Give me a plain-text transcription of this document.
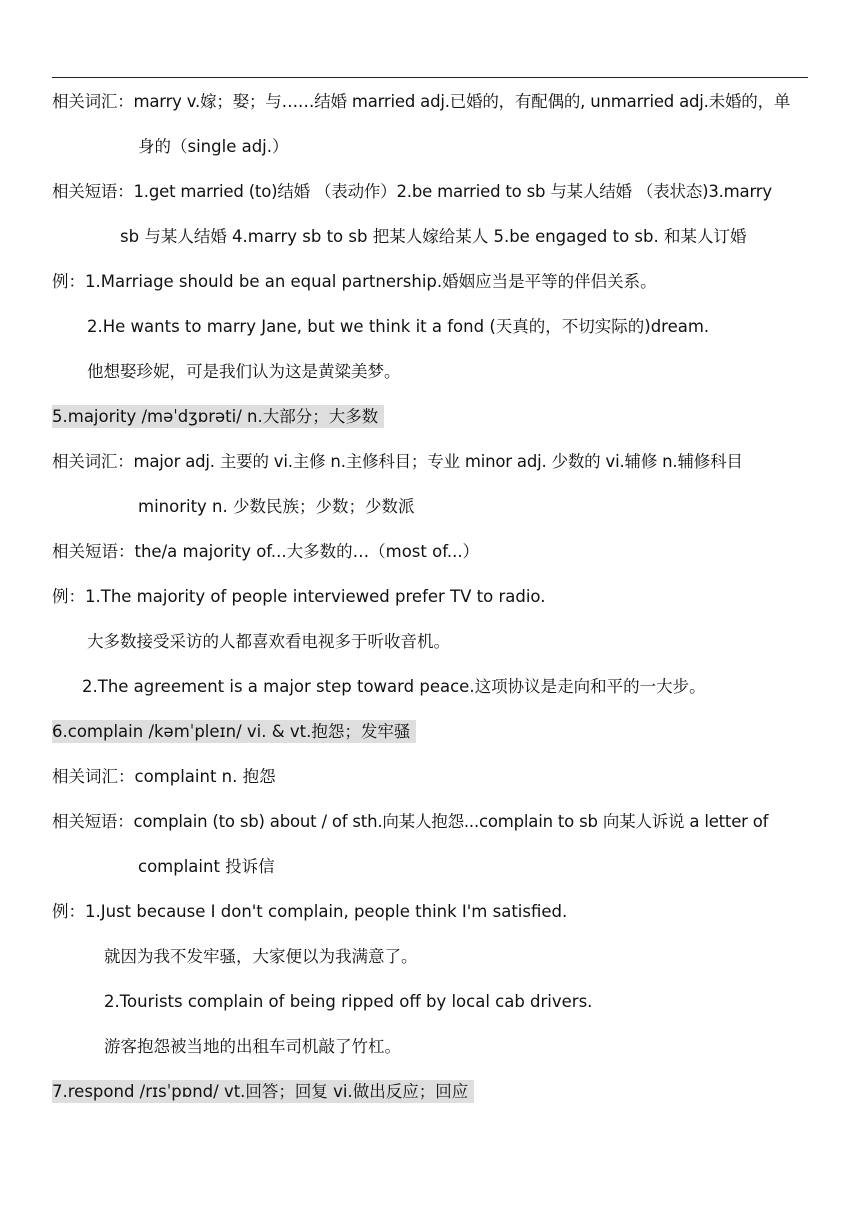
相关词汇：marry v.嫁；娶；与……结婚 married adj.已婚的，有配偶的, unmarried adj.未婚的，单
身的（single adj.）
相关短语：1.get married (to)结婚 （表动作）2.be married to sb 与某人结婚 （表状态)3.marry
sb 与某人结婚 4.marry sb to sb 把某人嫁给某人 5.be engaged to sb. 和某人订婚
例：1.Marriage should be an equal partnership.婚姻应当是平等的伴侣关系。
2.He wants to marry Jane, but we think it a fond (天真的，不切实际的)dream.
他想娶珍妮，可是我们认为这是黄粱美梦。
5.majority /məˈdʒɒrəti/ n.大部分；大多数
相关词汇：major adj. 主要的 vi.主修 n.主修科目；专业 minor adj. 少数的 vi.辅修 n.辅修科目
minority n. 少数民族；少数；少数派
相关短语：the/a majority of...大多数的…（most of...）
例：1.The majority of people interviewed prefer TV to radio.
大多数接受采访的人都喜欢看电视多于听收音机。
2.The agreement is a major step toward peace.这项协议是走向和平的一大步。
6.complain /kəmˈpleɪn/ vi. & vt.抱怨；发牢骚
相关词汇：complaint n. 抱怨
相关短语：complain (to sb) about / of sth.向某人抱怨...complain to sb 向某人诉说 a letter of
complaint 投诉信
例：1.Just because I don't complain, people think I'm satisfied.
就因为我不发牢骚，大家便以为我满意了。
2.Tourists complain of being ripped off by local cab drivers.
游客抱怨被当地的出租车司机敲了竹杠。
7.respond /rɪsˈpɒnd/ vt.回答；回复 vi.做出反应；回应
